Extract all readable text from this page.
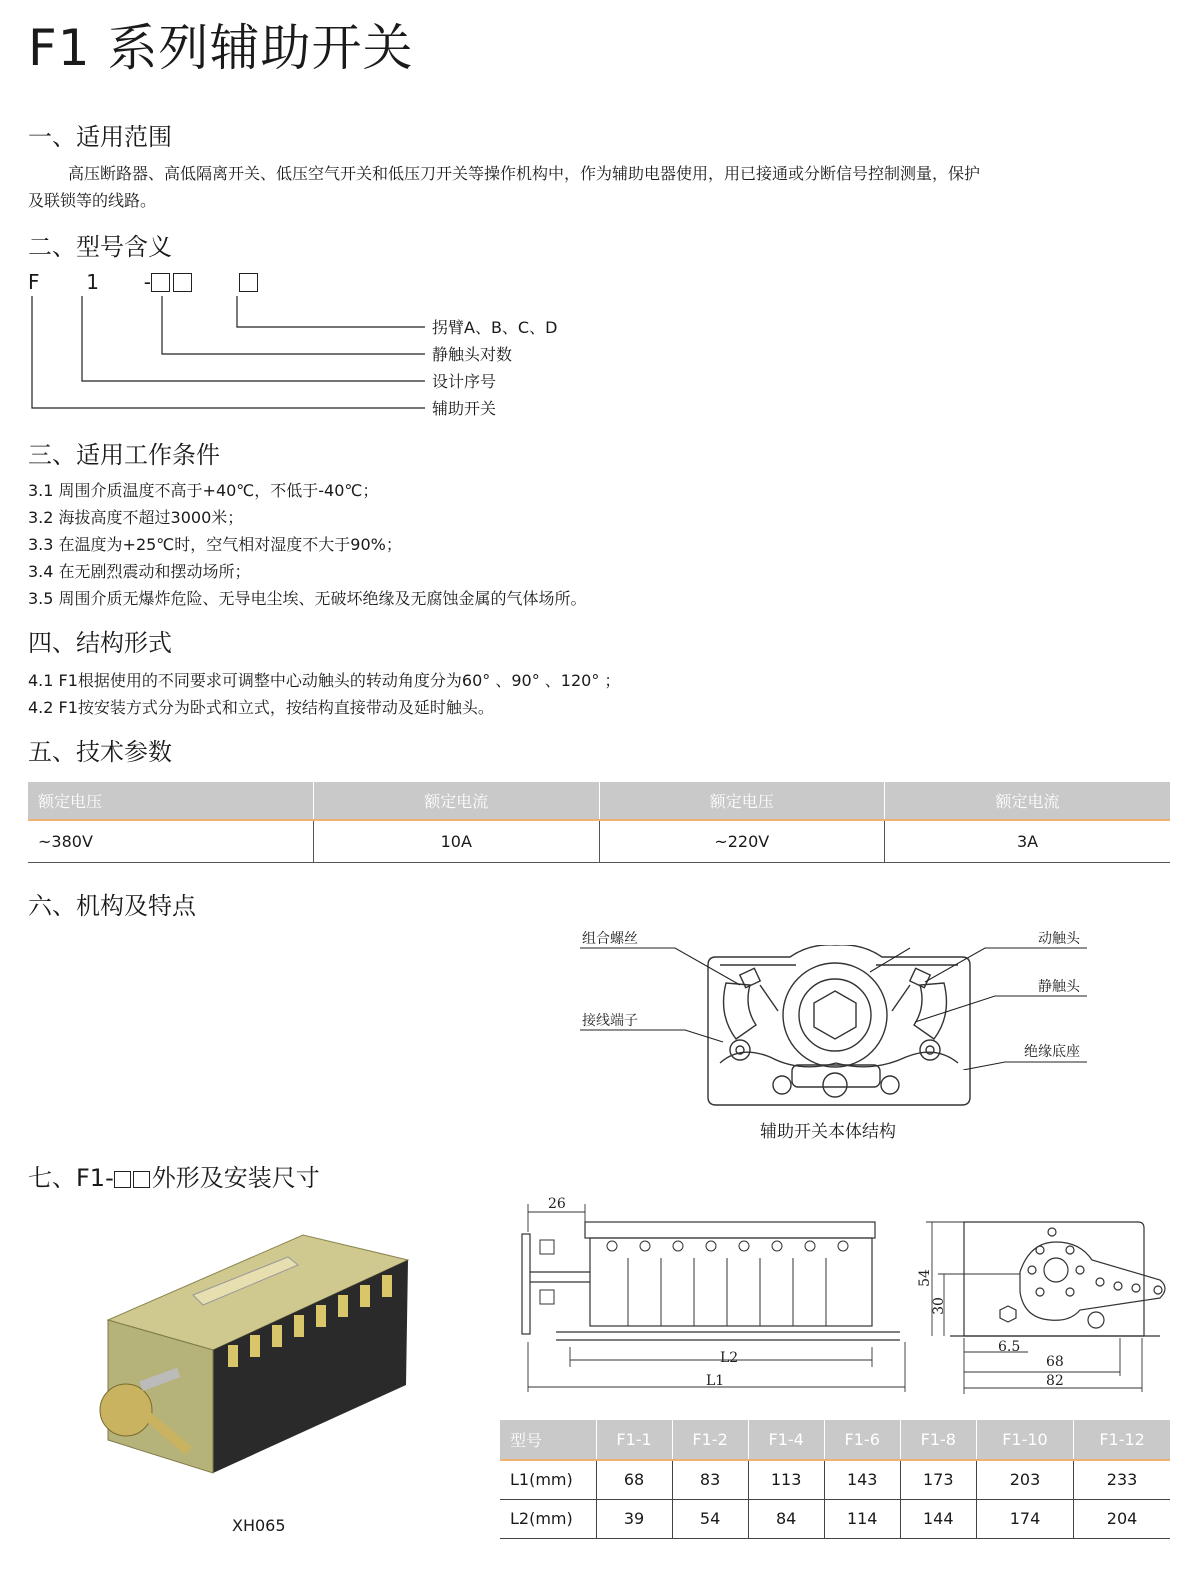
F1 系列辅助开关
一、适用范围
高压断路器、高低隔离开关、低压空气开关和低压刀开关等操作机构中，作为辅助电器使用，用已接通或分断信号控制测量，保护
及联锁等的线路。
二、型号含义
F 1 -
拐臂A、B、C、D
静触头对数
设计序号
辅助开关
三、适用工作条件
3.1 周围介质温度不高于+40℃，不低于-40℃；
3.2 海拔高度不超过3000米；
3.3 在温度为+25℃时，空气相对湿度不大于90%；
3.4 在无剧烈震动和摆动场所；
3.5 周围介质无爆炸危险、无导电尘埃、无破坏绝缘及无腐蚀金属的气体场所。
四、结构形式
4.1 F1根据使用的不同要求可调整中心动触头的转动角度分为60° 、90° 、120° ；
4.2 F1按安装方式分为卧式和立式，按结构直接带动及延时触头。
五、技术参数
额定电压	额定电流	额定电压	额定电流
~380V	10A	~220V	3A
六、机构及特点
组合螺丝
接线端子
动触头
静触头
绝缘底座
辅助开关本体结构
七、F1- 外形及安装尺寸
XH065
26
L2
L1
54
30
6.5
68
82
型号	F1-1	F1-2	F1-4	F1-6	F1-8	F1-10	F1-12
L1(mm)	68	83	113	143	173	203	233
L2(mm)	39	54	84	114	144	174	204
